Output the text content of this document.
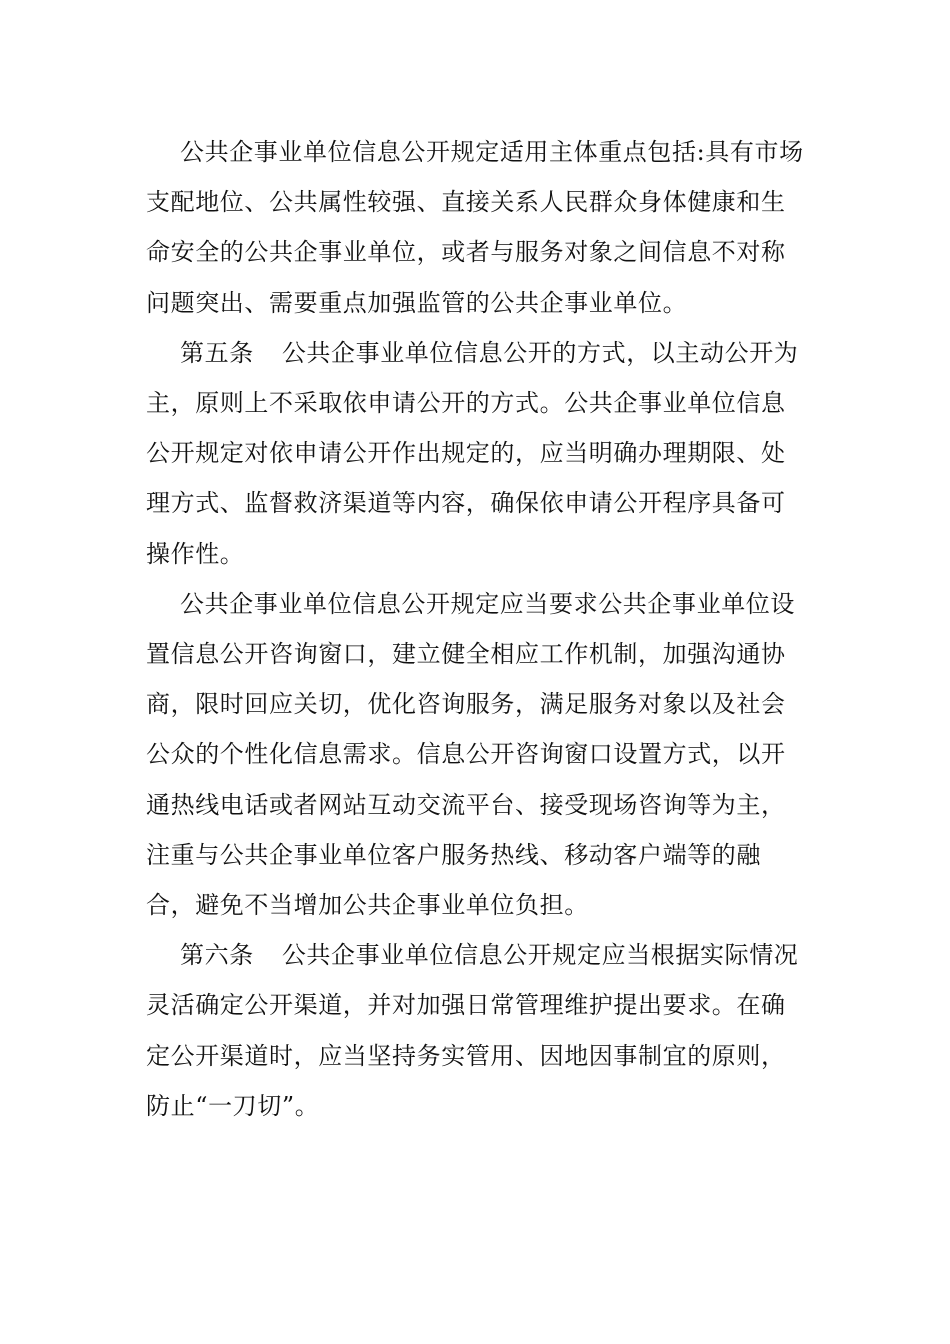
公共企事业单位信息公开规定适用主体重点包括:具有市场支配地位、公共属性较强、直接关系人民群众身体健康和生命安全的公共企事业单位，或者与服务对象之间信息不对称问题突出、需要重点加强监管的公共企事业单位。

第五条 公共企事业单位信息公开的方式，以主动公开为主，原则上不采取依申请公开的方式。公共企事业单位信息公开规定对依申请公开作出规定的，应当明确办理期限、处理方式、监督救济渠道等内容，确保依申请公开程序具备可操作性。

公共企事业单位信息公开规定应当要求公共企事业单位设置信息公开咨询窗口，建立健全相应工作机制，加强沟通协商，限时回应关切，优化咨询服务，满足服务对象以及社会公众的个性化信息需求。信息公开咨询窗口设置方式，以开通热线电话或者网站互动交流平台、接受现场咨询等为主，注重与公共企事业单位客户服务热线、移动客户端等的融合，避免不当增加公共企事业单位负担。

第六条 公共企事业单位信息公开规定应当根据实际情况灵活确定公开渠道，并对加强日常管理维护提出要求。在确定公开渠道时，应当坚持务实管用、因地因事制宜的原则，防止“一刀切”。
